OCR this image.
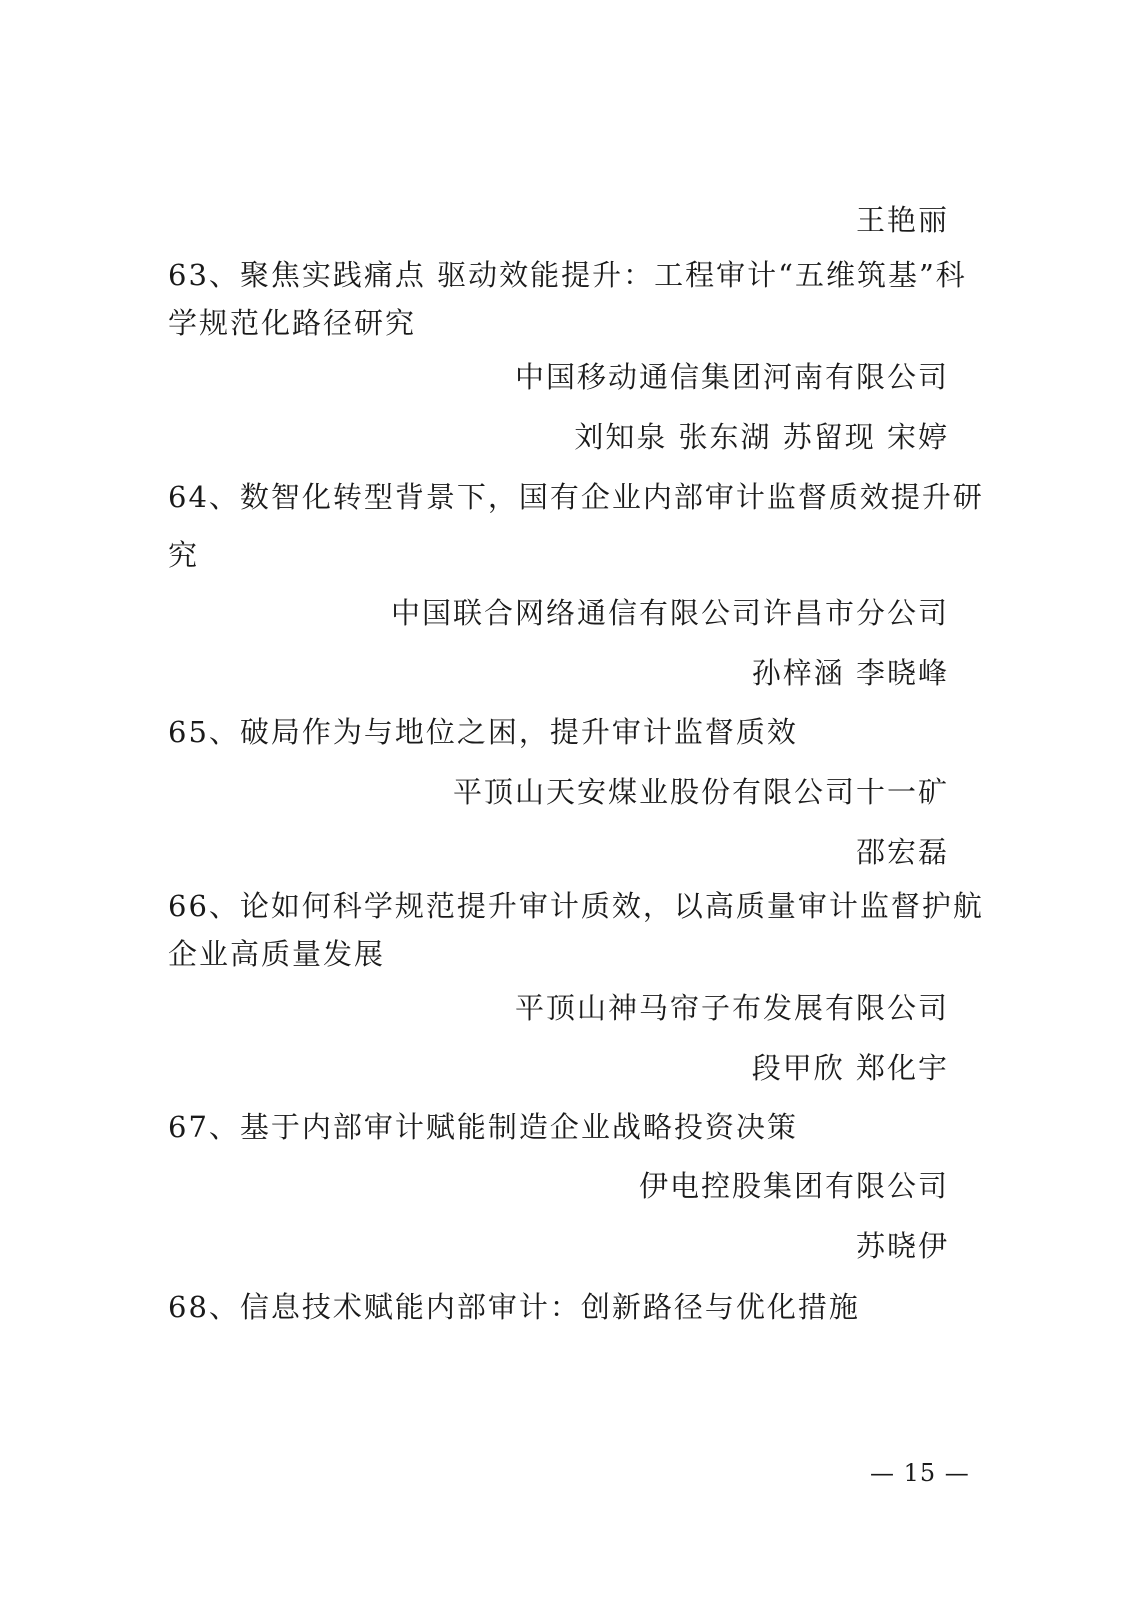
王艳丽
63、聚焦实践痛点 驱动效能提升：工程审计“五维筑基”科
学规范化路径研究
中国移动通信集团河南有限公司
刘知泉 张东湖 苏留现 宋婷
64、数智化转型背景下，国有企业内部审计监督质效提升研
究
中国联合网络通信有限公司许昌市分公司
孙梓涵 李晓峰
65、破局作为与地位之困，提升审计监督质效
平顶山天安煤业股份有限公司十一矿
邵宏磊
66、论如何科学规范提升审计质效，以高质量审计监督护航
企业高质量发展
平顶山神马帘子布发展有限公司
段甲欣 郑化宇
67、基于内部审计赋能制造企业战略投资决策
伊电控股集团有限公司
苏晓伊
68、信息技术赋能内部审计：创新路径与优化措施
— 15 —
